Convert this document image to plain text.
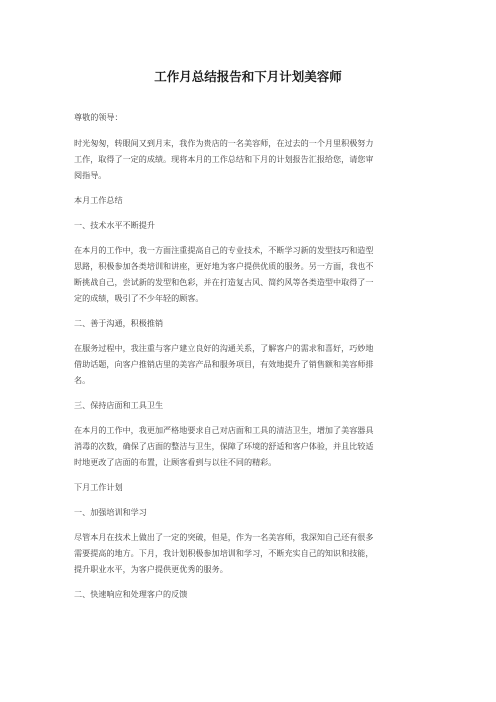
工作月总结报告和下月计划美容师
尊敬的领导：
时光匆匆，转眼间又到月末，我作为贵店的一名美容师，在过去的一个月里积极努力
工作，取得了一定的成绩。现将本月的工作总结和下月的计划报告汇报给您，请您审
阅指导。
本月工作总结
一、技术水平不断提升
在本月的工作中，我一方面注重提高自己的专业技术，不断学习新的发型技巧和造型
思路，积极参加各类培训和讲座，更好地为客户提供优质的服务。另一方面，我也不
断挑战自己，尝试新的发型和色彩，并在打造复古风、简约风等各类造型中取得了一
定的成绩，吸引了不少年轻的顾客。
二、善于沟通，积极推销
在服务过程中，我注重与客户建立良好的沟通关系，了解客户的需求和喜好，巧妙地
借助话题，向客户推销店里的美容产品和服务项目，有效地提升了销售额和美容师排
名。
三、保持店面和工具卫生
在本月的工作中，我更加严格地要求自己对店面和工具的清洁卫生，增加了美容器具
消毒的次数，确保了店面的整洁与卫生，保障了环境的舒适和客户体验，并且比较适
时地更改了店面的布置，让顾客看到与以往不同的精彩。
下月工作计划
一、加强培训和学习
尽管本月在技术上做出了一定的突破，但是，作为一名美容师，我深知自己还有很多
需要提高的地方。下月，我计划积极参加培训和学习，不断充实自己的知识和技能，
提升职业水平，为客户提供更优秀的服务。
二、快速响应和处理客户的反馈
